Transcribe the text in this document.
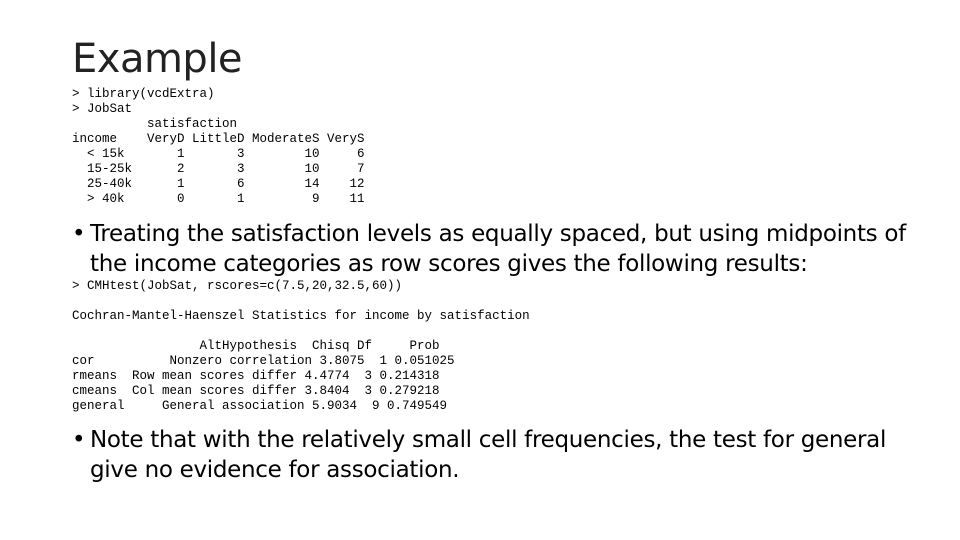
Example
> library(vcdExtra)
> JobSat
satisfaction
income    VeryD LittleD ModerateS VeryS
< 15k       1       3        10     6
15-25k      2       3        10     7
25-40k      1       6        14    12
> 40k       0       1         9    11
• Treating the satisfaction levels as equally spaced, but using midpoints of the income categories as row scores gives the following results:
> CMHtest(JobSat, rscores=c(7.5,20,32.5,60))
Cochran-Mantel-Haenszel Statistics for income by satisfaction
AltHypothesis  Chisq Df     Prob
cor          Nonzero correlation 3.8075  1 0.051025
rmeans  Row mean scores differ 4.4774  3 0.214318
cmeans  Col mean scores differ 3.8404  3 0.279218
general     General association 5.9034  9 0.749549
• Note that with the relatively small cell frequencies, the test for general give no evidence for association.
